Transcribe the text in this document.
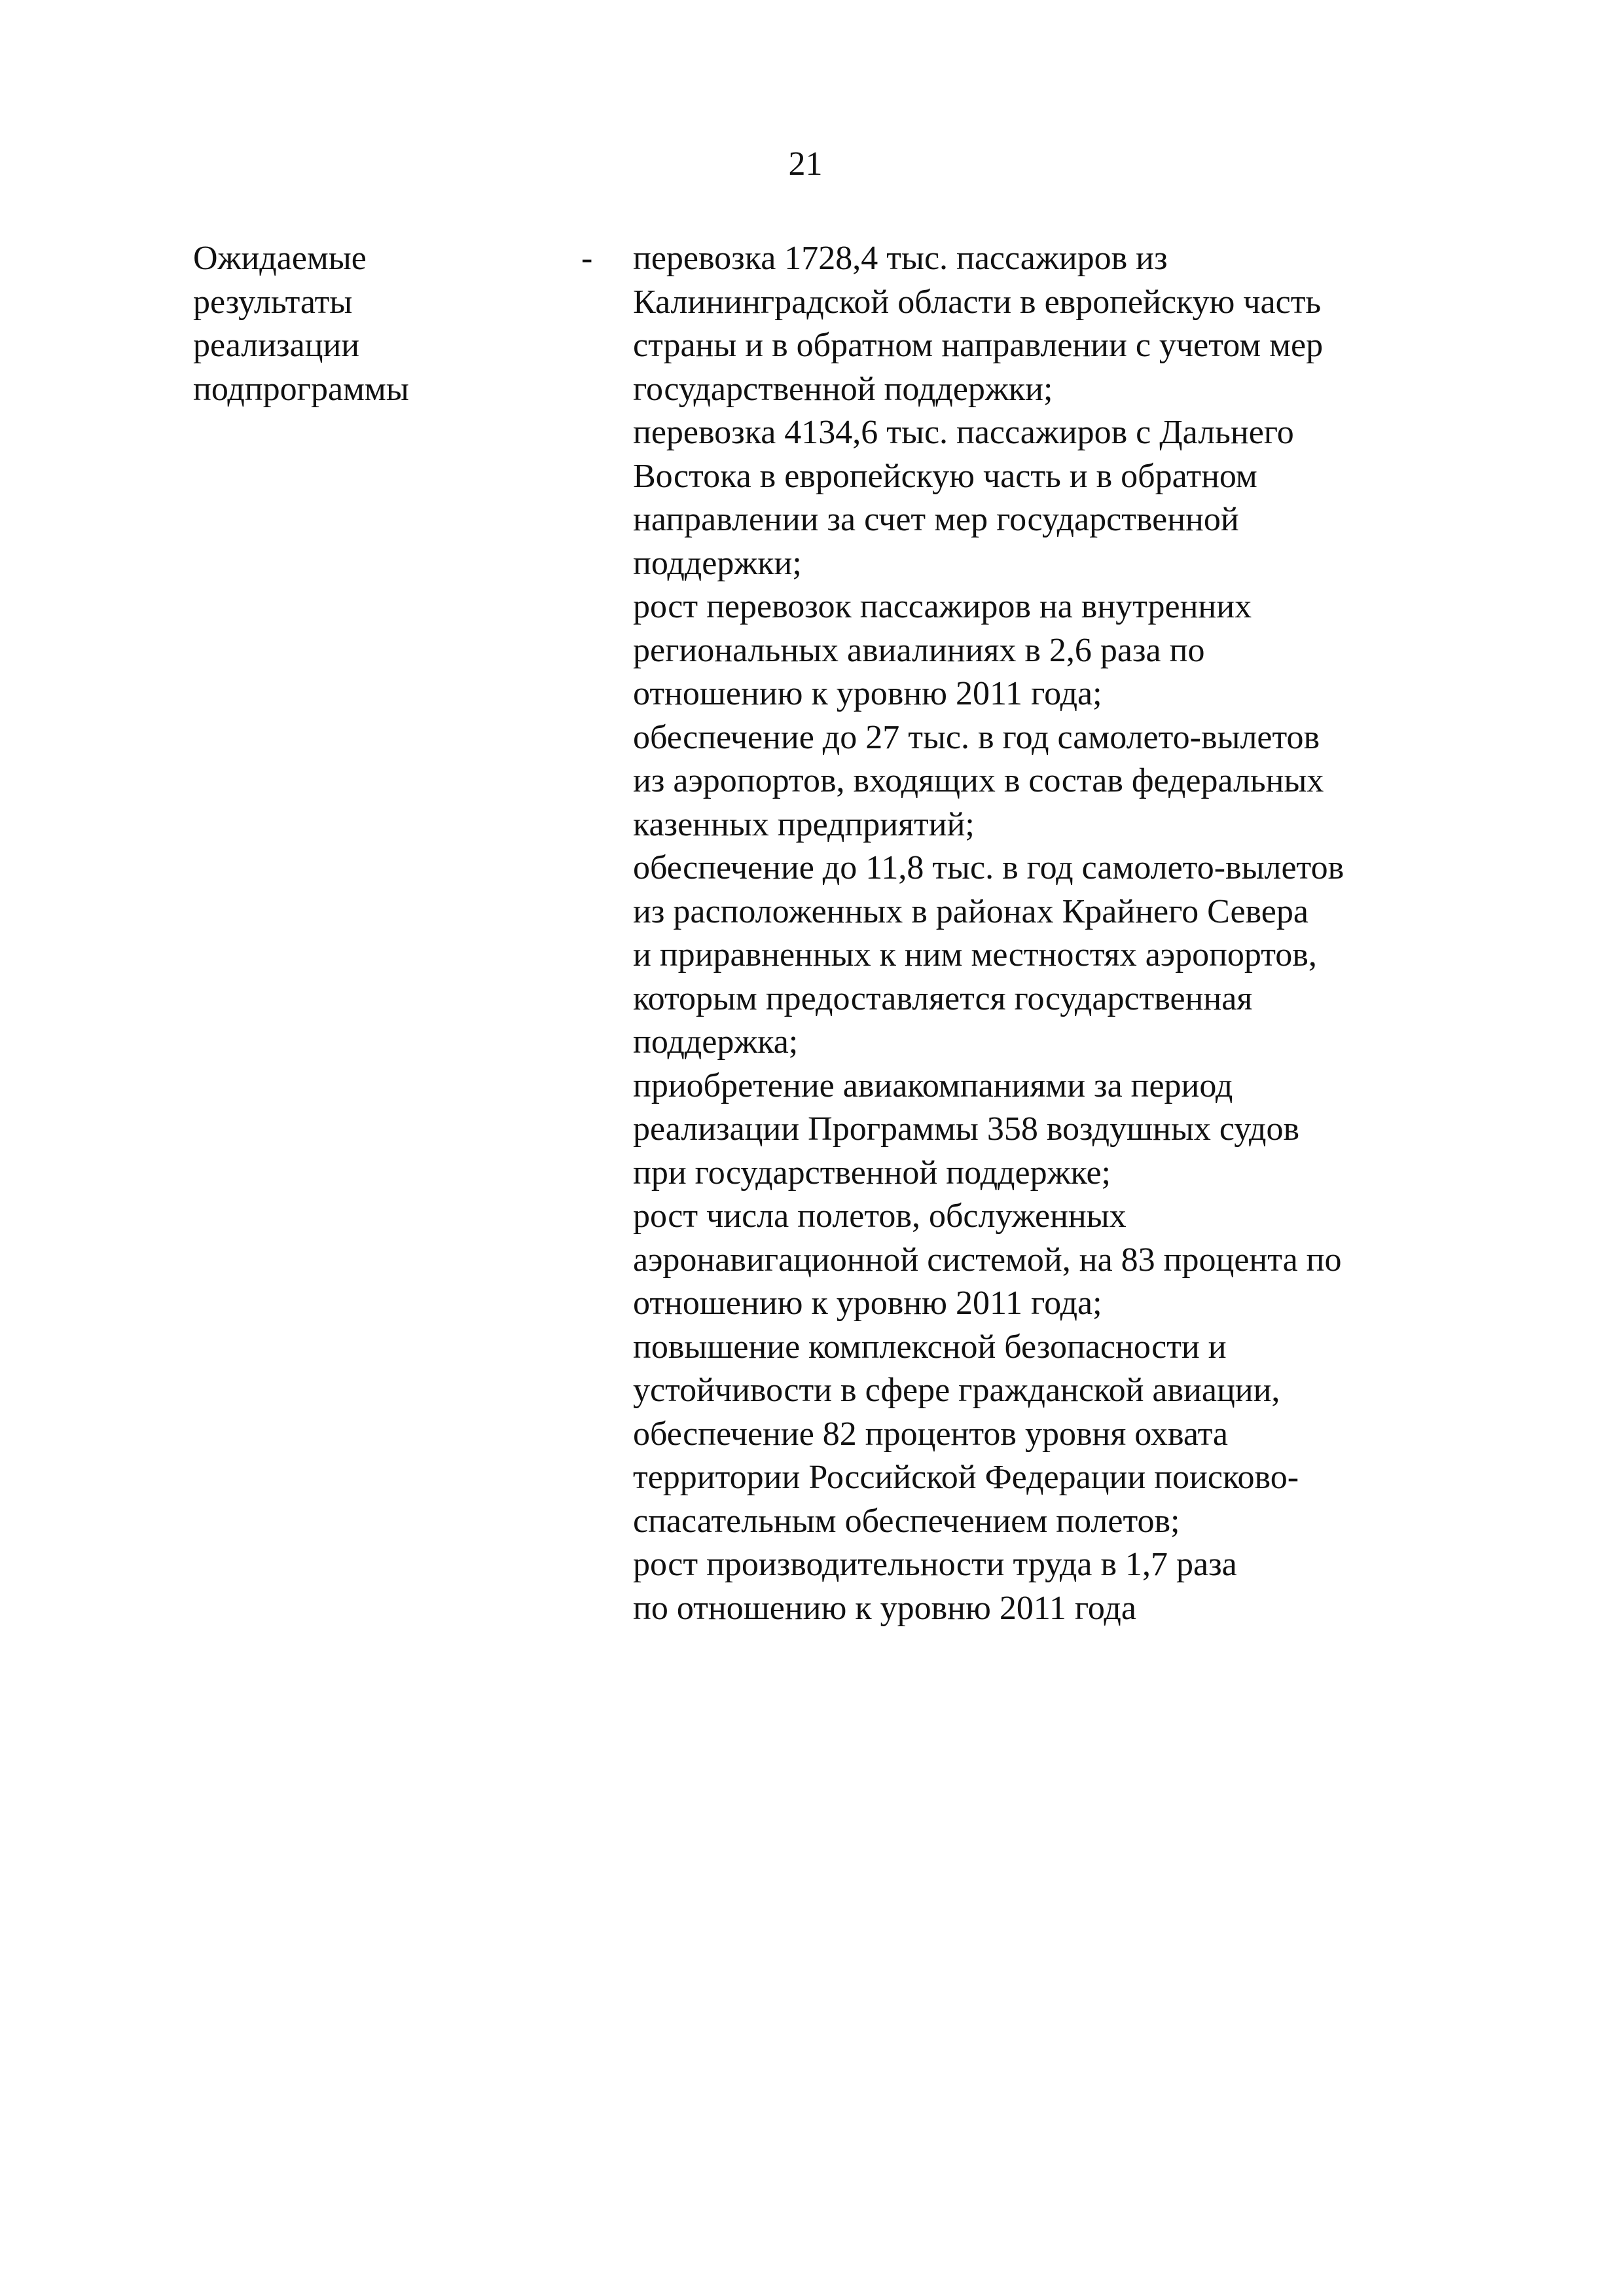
21
Ожидаемые
результаты
реализации
подпрограммы
- перевозка 1728,4 тыс. пассажиров из
Калининградской области в европейскую часть
страны и в обратном направлении с учетом мер
государственной поддержки;
перевозка 4134,6 тыс. пассажиров с Дальнего
Востока в европейскую часть и в обратном
направлении за счет мер государственной
поддержки;
рост перевозок пассажиров на внутренних
региональных авиалиниях в 2,6 раза по
отношению к уровню 2011 года;
обеспечение до 27 тыс. в год самолето-вылетов
из аэропортов, входящих в состав федеральных
казенных предприятий;
обеспечение до 11,8 тыс. в год самолето-вылетов
из расположенных в районах Крайнего Севера
и приравненных к ним местностях аэропортов,
которым предоставляется государственная
поддержка;
приобретение авиакомпаниями за период
реализации Программы 358 воздушных судов
при государственной поддержке;
рост числа полетов, обслуженных
аэронавигационной системой, на 83 процента по
отношению к уровню 2011 года;
повышение комплексной безопасности и
устойчивости в сфере гражданской авиации,
обеспечение 82 процентов уровня охвата
территории Российской Федерации поисково-
спасательным обеспечением полетов;
рост производительности труда в 1,7 раза
по отношению к уровню 2011 года
